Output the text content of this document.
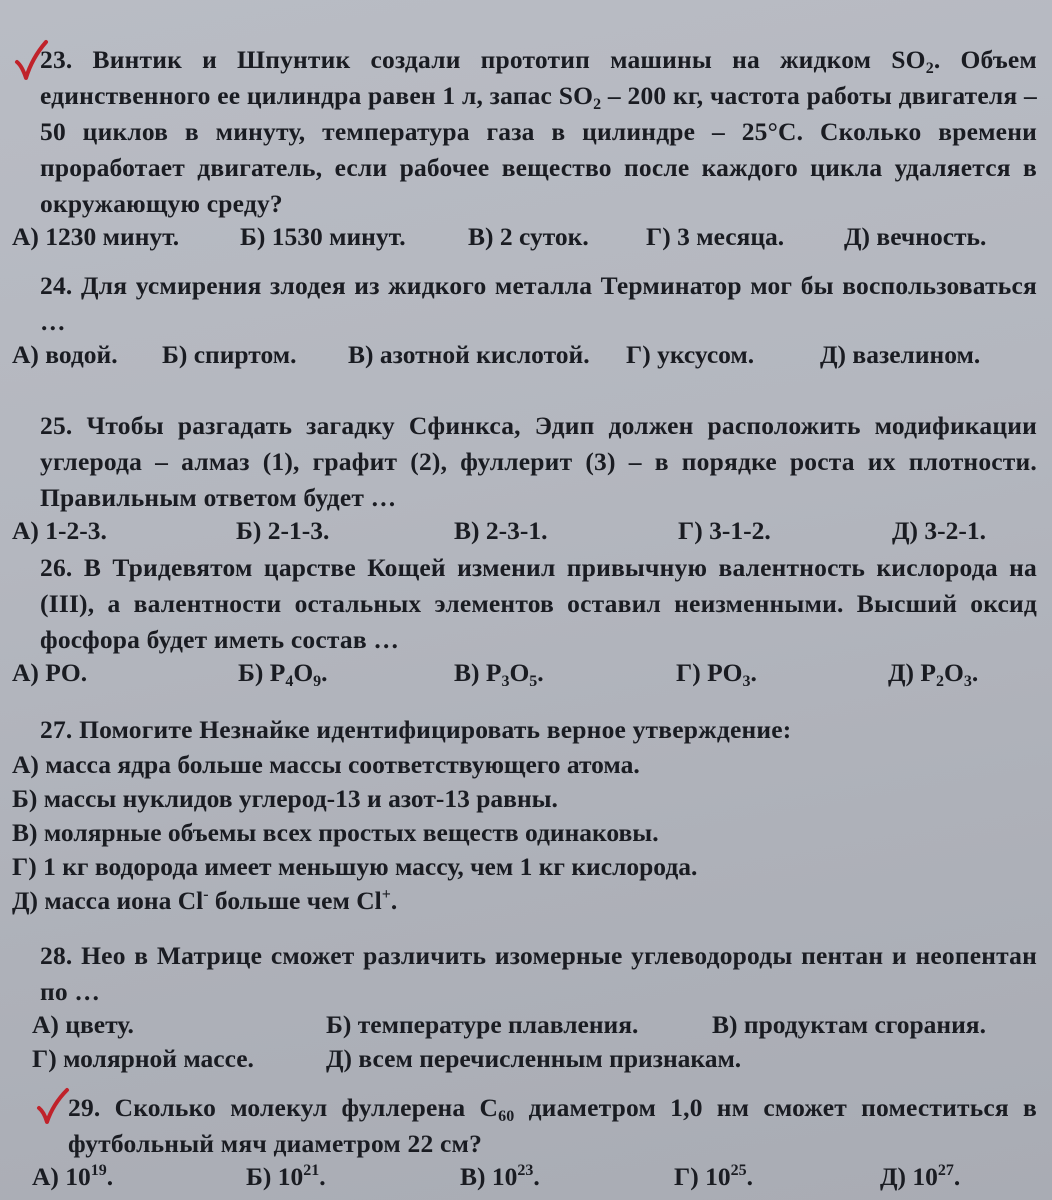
23. Винтик и Шпунтик создали прототип машины на жидком $SO_2$. Объем единственного ее цилиндра равен 1 л, запас $SO_2 - 200$ кг, частота работы двигателя – 50 циклов в минуту, температура газа в цилиндре – 25°С. Сколько времени проработает двигатель, если рабочее вещество после каждого цикла удаляется в окружающую среду?

А) 1230 минут. Б) 1530 минут. В) 2 суток. Г) 3 месяца. Д) вечность.

24. Для усмирения злодея из жидкого металла Терминатор мог бы воспользоваться …

А) водой. Б) спиртом. В) азотной кислотой. Г) уксусом.	Д) вазелином.

25. Чтобы разгадать загадку Сфинкса, Эдип должен расположить модификации углерода – алмаз (1), графит (2), фуллерит (3) – в порядке роста их плотности. Правильным ответом будет …

А) 1-2-3.	Б) 2-1-3.	В) 2-3-1.	Г) 3-1-2.	Д) 3-2-1.

26. В Тридевятом царстве Кощей изменил привычную валентность кислорода на (III), а валентности остальных элементов оставил неизменными. Высший оксид фосфора будет иметь состав …

А) PO.	Б) $P_4O_9$.	В) $P_3O_5$.	Г) $PO_3$.	Д) $P_2O_3$.

27. Помогите Незнайке идентифицировать верное утверждение:

А) масса ядра больше массы соответствующего атома.
Б) массы нуклидов углерод-13 и азот-13 равны.
В) молярные объемы всех простых веществ одинаковы.
Г) 1 кг водорода имеет меньшую массу, чем 1 кг кислорода.
Д) масса иона Cl- больше чем Cl+.

28. Нео в Матрице сможет различить изомерные углеводороды пентан и неопентан по …

А) цвету.	Б) температуре плавления.	В) продуктам сгорания.
Г) молярной массе.	Д) всем перечисленным признакам.

29. Сколько молекул фуллерена $С_{60}$ диаметром 1,0 нм сможет поместиться в футбольный мяч диаметром 22 см?

А) $10^{19}$.	Б) $10^{21}$.	В) $10^{23}$.	Г) $10^{25}$.	Д) $10^{27}$.
